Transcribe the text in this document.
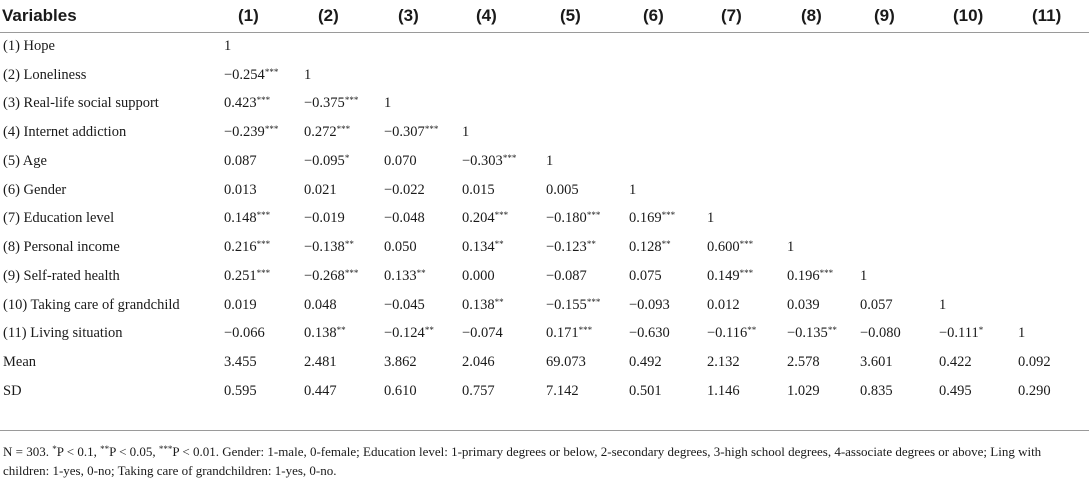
Variables	(1)	(2)	(3)	(4)	(5)	(6)	(7)	(8)	(9)	(10)	(11)
(1) Hope	1										
(2) Loneliness	−0.254***	1									
(3) Real-life social support	0.423***	−0.375***	1								
(4) Internet addiction	−0.239***	0.272***	−0.307***	1							
(5) Age	0.087	−0.095*	0.070	−0.303***	1						
(6) Gender	0.013	0.021	−0.022	0.015	0.005	1					
(7) Education level	0.148***	−0.019	−0.048	0.204***	−0.180***	0.169***	1				
(8) Personal income	0.216***	−0.138**	0.050	0.134**	−0.123**	0.128**	0.600***	1			
(9) Self-rated health	0.251***	−0.268***	0.133**	0.000	−0.087	0.075	0.149***	0.196***	1		
(10) Taking care of grandchild	0.019	0.048	−0.045	0.138**	−0.155***	−0.093	0.012	0.039	0.057	1	
(11) Living situation	−0.066	0.138**	−0.124**	−0.074	0.171***	−0.630	−0.116**	−0.135**	−0.080	−0.111*	1
Mean	3.455	2.481	3.862	2.046	69.073	0.492	2.132	2.578	3.601	0.422	0.092
SD	0.595	0.447	0.610	0.757	7.142	0.501	1.146	1.029	0.835	0.495	0.290
N = 303. *P < 0.1, **P < 0.05, ***P < 0.01. Gender: 1-male, 0-female; Education level: 1-primary degrees or below, 2-secondary degrees, 3-high school degrees, 4-associate degrees or above; Ling with children: 1-yes, 0-no; Taking care of grandchildren: 1-yes, 0-no.
